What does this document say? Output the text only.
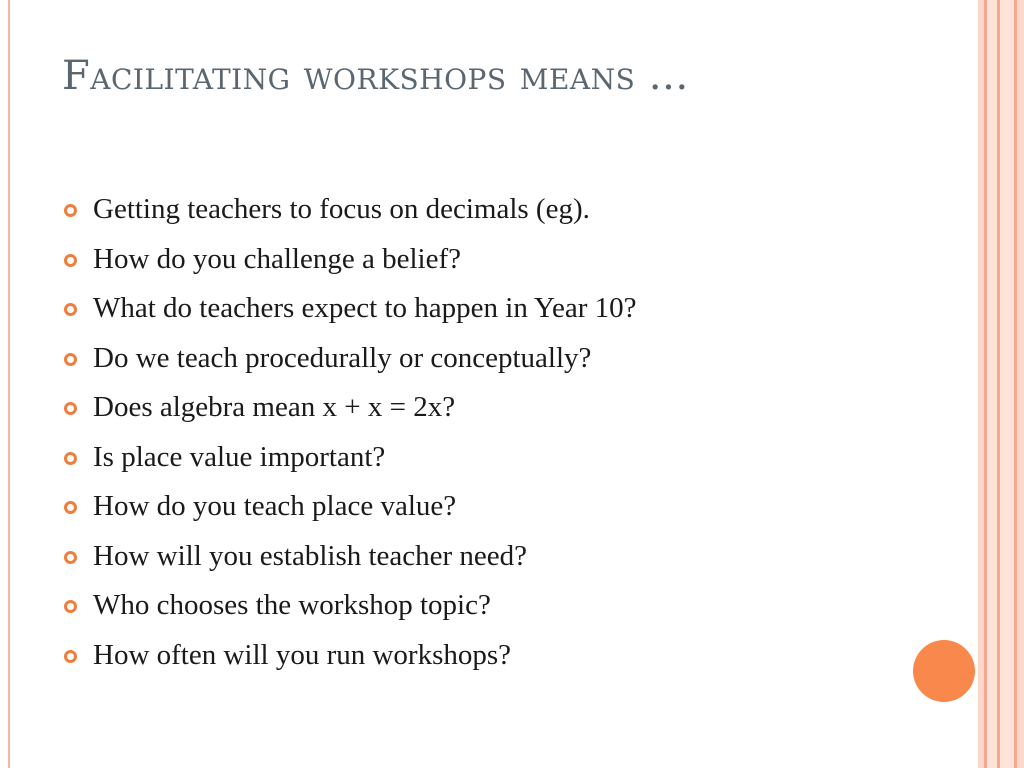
Facilitating workshops means …
Getting teachers to focus on decimals (eg).
How do you challenge a belief?
What do teachers expect to happen in Year 10?
Do we teach procedurally or conceptually?
Does algebra mean x + x = 2x?
Is place value important?
How do you teach place value?
How will you establish teacher need?
Who chooses the workshop topic?
How often will you run workshops?
